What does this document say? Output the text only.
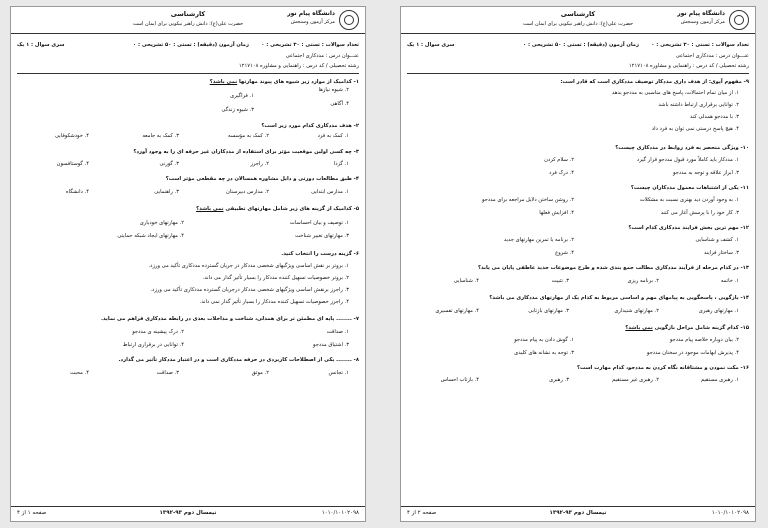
دانشگاه پیام نور
مرکز آزمون وسنجش
کارشناسی
حضرت علی(ع): دانش راهبر نیکویی برای ایمان است
تعداد سوالات : تستی : ۳۰ تشریحی : ۰
زمان آزمون (دقیقه) : تستی : ۵۰ تشریحی : ۰
سری سوال : ۱ یک
عنـــوان درس : مددکاری اجتماعی
رشته تحصیلی / کد درس : راهنمایی و مشاوره ۱۲۱۷۱۰۸
۱- کدامیک از موارد زیر شیوه های پیوند مهارتها نمی باشد؟
۱. فراگیری
۲. شیوه نیازها
۳. شیوه زندگی
۴. آگاهی
۲- هدف مددکاری کدام مورد زیر است؟
۱. کمک به فرد
۲. کمک به مؤسسه
۳. کمک به جامعه
۴. خودشکوفایی
۳- چه کسی اولین موقعیت مؤثر برای استفاده از مددکاران غیر حرفه ای را به وجود آورد؟
۱. گزدا
۲. راجرز
۳. گورنی
۴. گوستافسون
۴- طبق مطالعات دورتی و دایل مشاوره همسالان در چه مقطعی مؤثر است؟
۱. مدارس ابتدایی
۲. مدارس دبیرستان
۳. راهنمایی
۴. دانشگاه
۵- کدامیک از گزینه های زیر شامل مهارتهای تطبیقی نمی باشد؟
۱. توصیف و بیان احساسات
۲. مهارتهای خودیاری
۳. مهارتهای تغییر شناخت
۴. مهارتهای ایجاد شبکه حمایتی
۶- گزینه درست را انتخاب کنید.
۱. بروتر بر نقش اساسی ویژگیهای شخصی مددکار در جریان گسترده مددکاری تأکید می ورزد.
۲. بروتر خصوصیات تسهیل کننده مددکار را بسیار تأثیر گذار می داند.
۳. راجرز برنقش اساسی ویژگیهای شخصی مددکار درجریان گسترده مددکاری تأکید می ورزد.
۴. راجرز خصوصیات تسهیل کننده مددکار را بسیار تأثیر گذار نمی داند.
۷- ........ پایه ای مطمئن تر برای همدلی، شناخت و مداخلات بعدی در رابطه مددکاری فراهم می نماید.
۱. صداقت
۲. درک پیشینه ی مددجو
۳. اشتیاق مددجو
۴. توانایی در برقراری ارتباط
۸- ........ یکی از اصطلاحات کاربردی در حرفه مددکاری است و در اعتبار مددکار تأثیر می گذارد.
۱. تجانس
۲. موثق
۳. صداقت
۴. محبت
صفحه ۱ از ۴	نیمسال دوم ۹۳-۱۳۹۲	۱۰۱۰/۱۰۱۰۲۰۹۸
دانشگاه پیام نور
مرکز آزمون وسنجش
کارشناسی
حضرت علی(ع): دانش راهبر نیکویی برای ایمان است
تعداد سوالات : تستی : ۳۰ تشریحی : ۰
زمان آزمون (دقیقه) : تستی : ۵۰ تشریحی : ۰
سری سوال : ۱ یک
عنـــوان درس : مددکاری اجتماعی
رشته تحصیلی / کد درس : راهنمایی و مشاوره ۱۲۱۷۱۰۸
۹- مفهوم آپوی: از هدف داری مددکار توصیف مددکاری است که قادر است:
۱. از میان تمام احتمالات، پاسخ های مناسبی به مددجو بدهد
۲. توانایی برقراری ارتباط داشته باشد
۳. با مددجو همدلی کند
۴. هیچ پاسخ درستی نمی توان به فرد داد
۱۰- ویژگی منحصر به فرد روابط در مددکاری چیست؟
۱. مددکار باید کاملاً مورد قبول مددجو قرار گیرد
۲. سلام کردن
۳. ابراز علاقه و توجه به مددجو
۴. درک فرد
۱۱- یکی از اشتباهات معمول مددکاران چیست؟
۱. به وجود آوردن دید بهتری نسبت به مشکلات
۲. روشن ساختن دلایل مراجعه برای مددجو
۳. کار خود را با پرسش آغاز می کنند
۴. افزایش فعلها
۱۲- مهم ترین بخش فرایند مددکاری کدام است؟
۱. کشف و شناسایی
۲. برنامه یا تمرین مهارتهای جدید
۳. ساختار فرایند
۴. شروع
۱۳- در کدام مرحله از فرآیند مددکاری مطالب جمع بندی شده و طرح موضوعات جدید عاطفی پایان می یابد؟
۱. خاتمه
۲. برنامه ریزی
۳. تثبیت
۴. شناسایی
۱۴- بازگویی ، پاسخگویی به پیامهای مهم و اساسی مربوط به کدام یک از مهارتهای مددکاری می باشد؟
۱. مهارتهای رهبری
۲. مهارتهای شنیداری
۳. مهارتهای بازتابی
۴. مهارتهای تفسیری
۱۵- کدام گزینه شامل مراحل بازگویی نمی باشد؟
۱. گوش دادن به پیام مددجو	۲. بیان دوباره خلاصه پیام مددجو
۳. توجه به نشانه های کلیدی	۴. پذیرش ابهامات موجود در سخنان مددجو
۱۶- مکث نمودن و مشتاقانه نگاه کردن به مددجو، کدام مهارت است؟
۱. رهبری مستقیم
۲. رهبری غیر مستقیم
۳. رهبری
۴. بازتاب احساس
صفحه ۲ از ۴	نیمسال دوم ۹۳-۱۳۹۲	۱۰۱۰/۱۰۱۰۲۰۹۸
